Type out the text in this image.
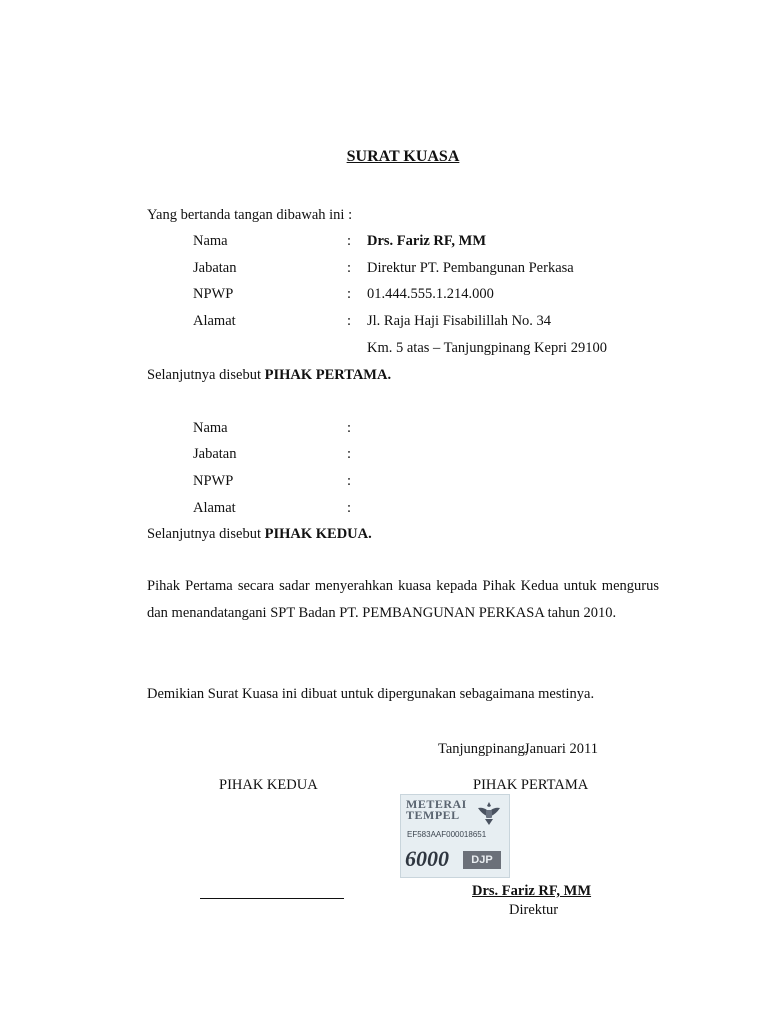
SURAT KUASA
Yang bertanda tangan dibawah ini :
Nama	: Drs. Fariz RF, MM
Jabatan	: Direktur PT. Pembangunan Perkasa
NPWP	: 01.444.555.1.214.000
Alamat	: Jl. Raja Haji Fisabilillah No. 34
Km. 5 atas – Tanjungpinang Kepri 29100
Selanjutnya disebut PIHAK PERTAMA.
Nama	:
Jabatan	:
NPWP	:
Alamat	:
Selanjutnya disebut PIHAK KEDUA.
Pihak Pertama secara sadar menyerahkan kuasa kepada Pihak Kedua untuk mengurus dan menandatangani SPT Badan PT. PEMBANGUNAN PERKASA tahun 2010.
Demikian Surat Kuasa ini dibuat untuk dipergunakan sebagaimana mestinya.
Tanjungpinang,
Januari 2011
PIHAK KEDUA	PIHAK PERTAMA
METERAI
TEMPEL
EF583AAF000018651
6000	DJP
Drs. Fariz RF, MM
Direktur
